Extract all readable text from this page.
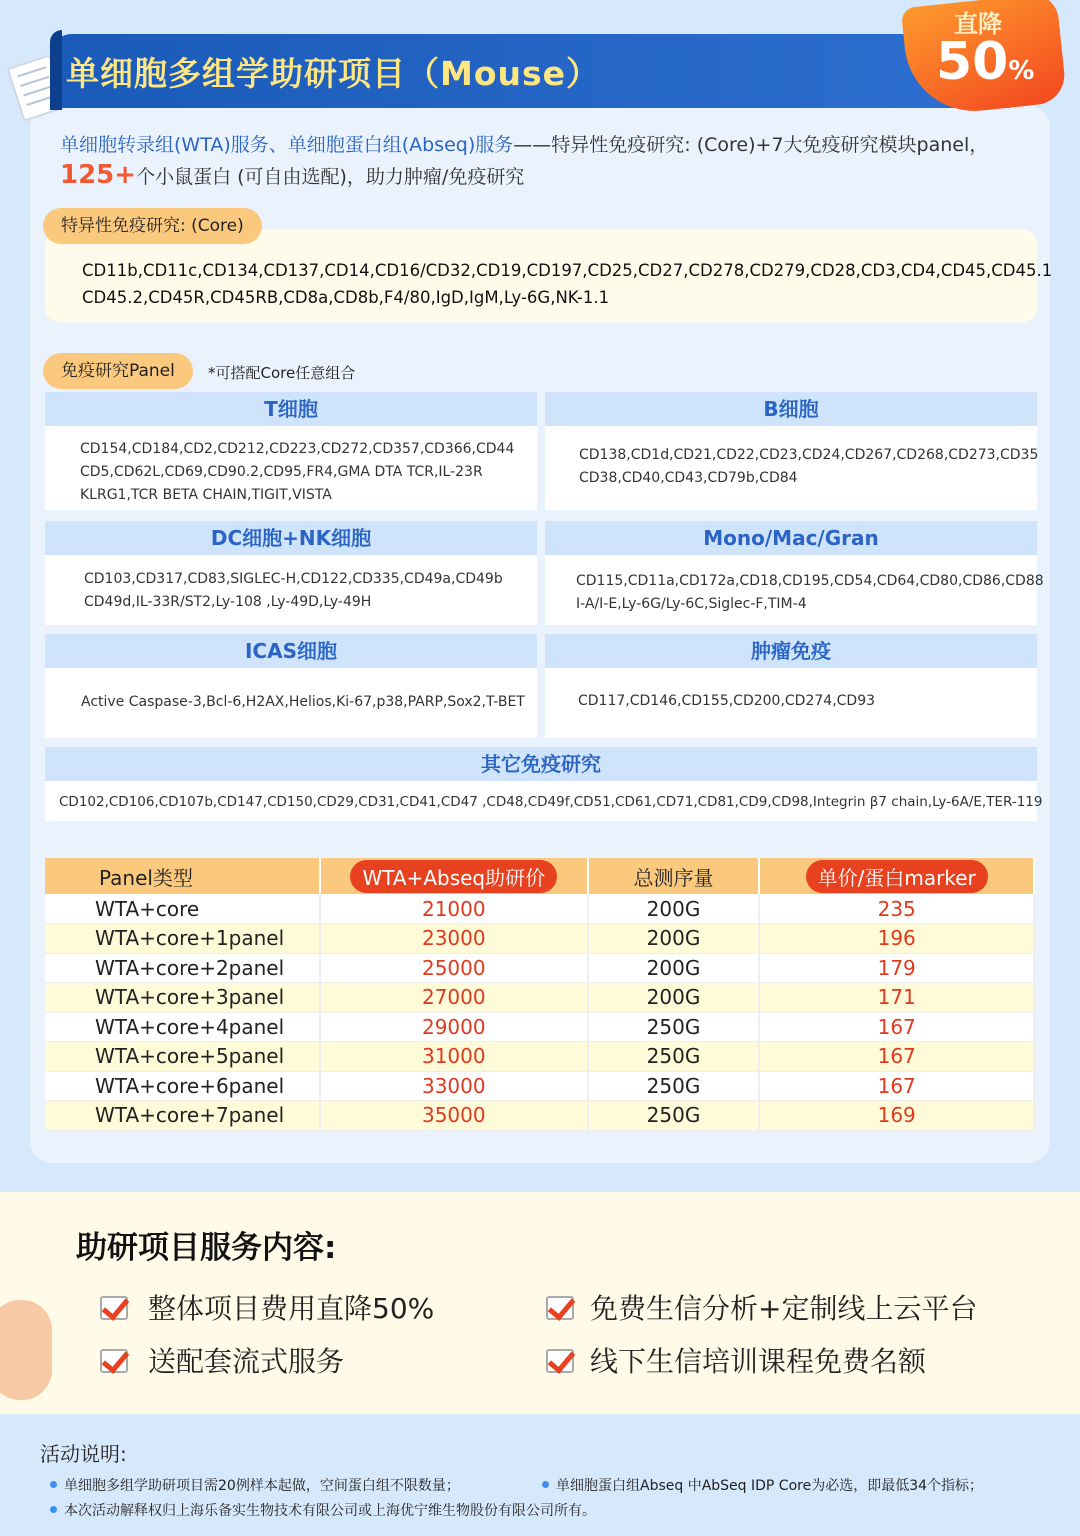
单细胞多组学助研项目（Mouse）
直降
50%
单细胞转录组(WTA)服务、单细胞蛋白组(Abseq)服务——特异性免疫研究: (Core)+7大免疫研究模块panel，
125+个小鼠蛋白 (可自由选配)，助力肿瘤/免疫研究
特异性免疫研究: (Core)
CD11b,CD11c,CD134,CD137,CD14,CD16/CD32,CD19,CD197,CD25,CD27,CD278,CD279,CD28,CD3,CD4,CD45,CD45.1
CD45.2,CD45R,CD45RB,CD8a,CD8b,F4/80,IgD,IgM,Ly-6G,NK-1.1
免疫研究Panel	*可搭配Core任意组合
T细胞
CD154,CD184,CD2,CD212,CD223,CD272,CD357,CD366,CD44
CD5,CD62L,CD69,CD90.2,CD95,FR4,GMA DTA TCR,IL-23R
KLRG1,TCR BETA CHAIN,TIGIT,VISTA
B细胞
CD138,CD1d,CD21,CD22,CD23,CD24,CD267,CD268,CD273,CD35
CD38,CD40,CD43,CD79b,CD84
DC细胞+NK细胞
CD103,CD317,CD83,SIGLEC-H,CD122,CD335,CD49a,CD49b
CD49d,IL-33R/ST2,Ly-108 ,Ly-49D,Ly-49H
Mono/Mac/Gran
CD115,CD11a,CD172a,CD18,CD195,CD54,CD64,CD80,CD86,CD88
I-A/I-E,Ly-6G/Ly-6C,Siglec-F,TIM-4
ICAS细胞
Active Caspase-3,Bcl-6,H2AX,Helios,Ki-67,p38,PARP,Sox2,T-BET
肿瘤免疫
CD117,CD146,CD155,CD200,CD274,CD93
其它免疫研究
CD102,CD106,CD107b,CD147,CD150,CD29,CD31,CD41,CD47 ,CD48,CD49f,CD51,CD61,CD71,CD81,CD9,CD98,Integrin β7 chain,Ly-6A/E,TER-119
Panel类型	WTA+Abseq助研价	总测序量	单价/蛋白marker
WTA+core	21000	200G	235
WTA+core+1panel	23000	200G	196
WTA+core+2panel	25000	200G	179
WTA+core+3panel	27000	200G	171
WTA+core+4panel	29000	250G	167
WTA+core+5panel	31000	250G	167
WTA+core+6panel	33000	250G	167
WTA+core+7panel	35000	250G	169
助研项目服务内容:
整体项目费用直降50%	免费生信分析+定制线上云平台
送配套流式服务	线下生信培训课程免费名额
活动说明:
单细胞多组学助研项目需20例样本起做，空间蛋白组不限数量；	单细胞蛋白组Abseq 中AbSeq IDP Core为必选，即最低34个指标；
本次活动解释权归上海乐备实生物技术有限公司或上海优宁维生物股份有限公司所有。
